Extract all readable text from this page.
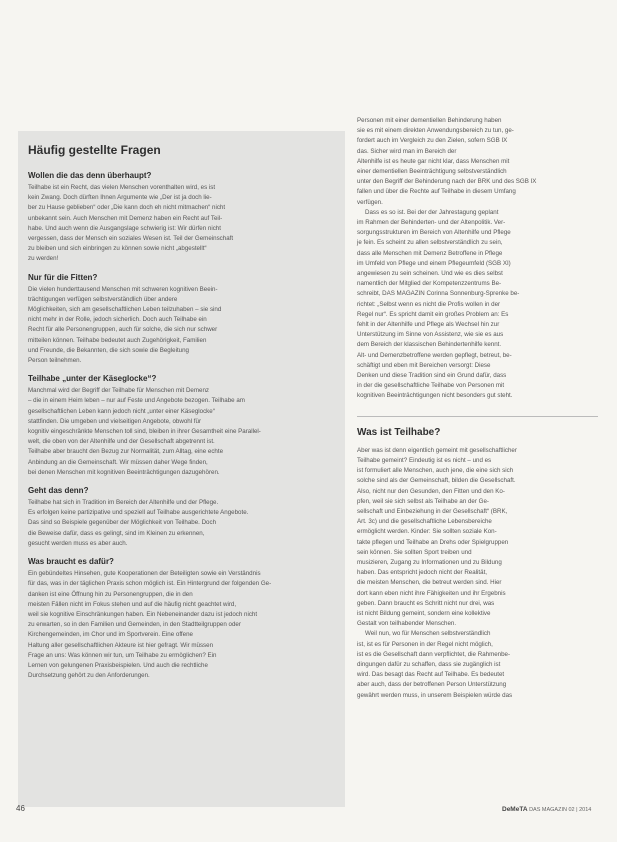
Häufig gestellte Fragen
Wollen die das denn überhaupt?

Teilhabe ist ein Recht, das vielen Menschen vorenthalten wird, es ist
kein Zwang. Doch dürften Ihnen Argumente wie „Der ist ja doch lie-
ber zu Hause geblieben“ oder „Die kann doch eh nicht mitmachen“ nicht
unbekannt sein. Auch Menschen mit Demenz haben ein Recht auf Teil-
habe. Und auch wenn die Ausgangslage schwierig ist: Wir dürfen nicht
vergessen, dass der Mensch ein soziales Wesen ist. Teil der Gemeinschaft
zu bleiben und sich einbringen zu können sowie nicht „abgestellt“
zu werden!

Nur für die Fitten?

Die vielen hunderttausend Menschen mit schweren kognitiven Beein-
trächtigungen verfügen selbstverständlich über andere
Möglichkeiten, sich am gesellschaftlichen Leben teilzuhaben – sie sind
nicht mehr in der Rolle, jedoch sicherlich. Doch auch Teilhabe ein
Recht für alle Personengruppen, auch für solche, die sich nur schwer
mitteilen können. Teilhabe bedeutet auch Zugehörigkeit, Familien
und Freunde, die Bekannten, die sich sowie die Begleitung
Person teilnehmen.

Teilhabe „unter der Käseglocke“?

Manchmal wird der Begriff der Teilhabe für Menschen mit Demenz
– die in einem Heim leben – nur auf Feste und Angebote bezogen. Teilhabe am
gesellschaftlichen Leben kann jedoch nicht „unter einer Käseglocke“
stattfinden. Die umgeben und vielseitigen Angebote, obwohl für
kognitiv eingeschränkte Menschen toll sind, bleiben in ihrer Gesamtheit eine Parallel-
welt, die oben von der Altenhilfe und der Gesellschaft abgetrennt ist.
Teilhabe aber braucht den Bezug zur Normalität, zum Alltag, eine echte
Anbindung an die Gemeinschaft. Wir müssen daher Wege finden,
bei denen Menschen mit kognitiven Beeinträchtigungen dazugehören.

Geht das denn?

Teilhabe hat sich in Tradition im Bereich der Altenhilfe und der Pflege.
Es erfolgen keine partizipative und speziell auf Teilhabe ausgerichtete Angebote.
Das sind so Beispiele gegenüber der Möglichkeit von Teilhabe. Doch
die Beweise dafür, dass es gelingt, sind im Kleinen zu erkennen,
gesucht werden muss es aber auch.

Was braucht es dafür?

Ein gebündeltes Hinsehen, gute Kooperationen der Beteiligten sowie ein Verständnis
für das, was in der täglichen Praxis schon möglich ist. Ein Hintergrund der folgenden Ge-
danken ist eine Öffnung hin zu Personengruppen, die in den
meisten Fällen nicht im Fokus stehen und auf die häufig nicht geachtet wird,
weil sie kognitive Einschränkungen haben. Ein Nebeneinander dazu ist jedoch nicht
zu erwarten, so in den Familien und Gemeinden, in den Stadtteilgruppen oder
Kirchengemeinden, im Chor und im Sportverein. Eine offene
Haltung aller gesellschaftlichen Akteure ist hier gefragt. Wir müssen
Frage an uns: Was können wir tun, um Teilhabe zu ermöglichen? Ein
Lernen von gelungenen Praxisbeispielen. Und auch die rechtliche
Durchsetzung gehört zu den Anforderungen.

Personen mit einer dementiellen Behinderung haben
sie es mit einem direkten Anwendungsbereich zu tun, ge-
fordert auch im Vergleich zu den Zielen, sofern SGB IX
das. Sicher wird man im Bereich der
Altenhilfe ist es heute gar nicht klar, dass Menschen mit
einer dementiellen Beeinträchtigung selbstverständlich
unter den Begriff der Behinderung nach der BRK und des SGB IX
fallen und über die Rechte auf Teilhabe in diesem Umfang
verfügen.

Dass es so ist. Bei der der Jahrestagung geplant
im Rahmen der Behinderten- und der Altenpolitik. Ver-
sorgungsstrukturen im Bereich von Altenhilfe und Pflege
je fein. Es scheint zu allen selbstverständlich zu sein,
dass alle Menschen mit Demenz Betroffene in Pflege
im Umfeld von Pflege und einem Pflegeumfeld (SGB XI)
angewiesen zu sein scheinen. Und wie es dies selbst
namentlich der Mitglied der Kompetenzzentrums Be-
schreibt, DAS MAGAZIN Corinna Sonnenburg-Sprenke be-
richtet: „Selbst wenn es nicht die Profis wollen in der
Regel nur“. Es spricht damit ein großes Problem an: Es
fehlt in der Altenhilfe und Pflege als Wechsel hin zur
Unterstützung im Sinne von Assistenz, wie sie es aus
dem Bereich der klassischen Behindertenhilfe kennt.
Alt- und Demenzbetroffene werden gepflegt, betreut, be-
schäftigt und eben mit Bereichen versorgt: Diese
Denken und diese Tradition sind ein Grund dafür, dass
in der die gesellschaftliche Teilhabe von Personen mit
kognitiven Beeinträchtigungen nicht besonders gut steht.

Was ist Teilhabe?

Aber was ist denn eigentlich gemeint mit gesellschaftlicher
Teilhabe gemeint? Eindeutig ist es nicht – und es
ist formuliert alle Menschen, auch jene, die eine sich sich
solche sind als der Gemeinschaft, bilden die Gesellschaft.
Also, nicht nur den Gesunden, den Fitten und den Ko-
pfen, weil sie sich selbst als Teilhabe an der Ge-
sellschaft und Einbeziehung in der Gesellschaft“ (BRK,
Art. 3c) und die gesellschaftliche Lebensbereiche
ermöglicht werden. Kinder: Sie sollten soziale Kon-
takte pflegen und Teilhabe an Drehs oder Spielgruppen
sein können. Sie sollten Sport treiben und
musizieren, Zugang zu Informationen und zu Bildung
haben. Das entspricht jedoch nicht der Realität,
die meisten Menschen, die betreut werden sind. Hier
dort kann eben nicht ihre Fähigkeiten und ihr Ergebnis
geben. Dann braucht es Schritt nicht nur drei, was
ist nicht Bildung gemeint, sondern eine kollektive
Gestalt von teilhabender Menschen.

Weil nun, wo für Menschen selbstverständlich
ist, ist es für Personen in der Regel nicht möglich,
ist es die Gesellschaft dann verpflichtet, die Rahmenbe-
dingungen dafür zu schaffen, dass sie zugänglich ist
wird. Das besagt das Recht auf Teilhabe. Es bedeutet
aber auch, dass der betroffenen Person Unterstützung
gewährt werden muss, in unserem Beispielen würde das

46	DeMeTA DAS MAGAZIN 02 | 2014
